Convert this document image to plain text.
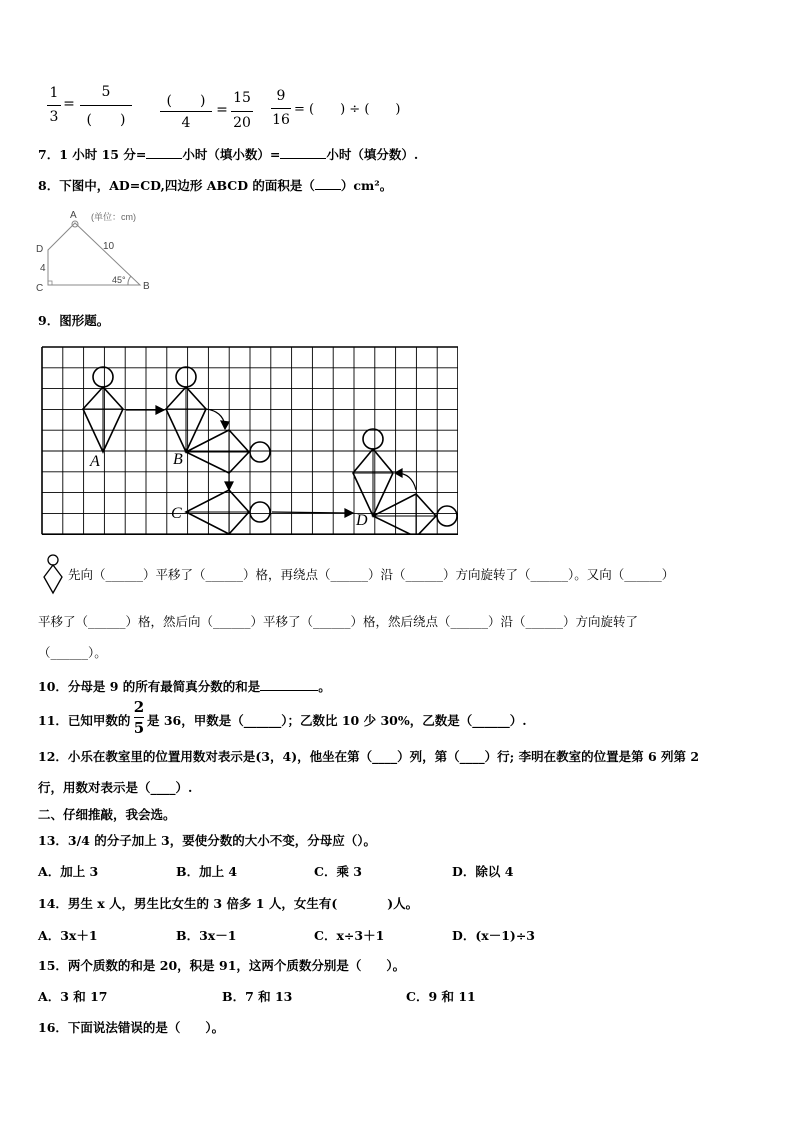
1
3
=
5
(　　)
(　　)
4
=
15
20
9
16
= (　　) ÷ (　　)
7．1 小时 15 分=	小时（填小数）=	小时（填分数）.
8．下图中，AD=CD,四边形 ABCD 的面积是（ ）cm²。
A (单位：cm)
D
C	B
10
4
45°
9．图形题。
A	B
C	D
先向（______）平移了（______）格，再绕点（______）沿（______）方向旋转了（______）。又向（______）
平移了（______）格，然后向（______）平移了（______）格，然后绕点（______）沿（______）方向旋转了
（______）。
10．分母是 9 的所有最简真分数的和是	。
11．已知甲数的
2
5 是 36，甲数是（______）；乙数比 10 少 30%，乙数是（______）.
12．小乐在教室里的位置用数对表示是(3，4)，他坐在第（____）列，第（____）行; 李明在教室的位置是第 6 列第 2
行，用数对表示是（____）.
二、仔细推敲，我会选。
13．3/4 的分子加上 3，要使分数的大小不变，分母应（）。
A．加上 3	B．加上 4	C．乘 3	D．除以 4
14．男生 x 人，男生比女生的 3 倍多 1 人，女生有(　　　　)人。
A．3x＋1	B．3x－1	C．x÷3＋1	D．(x－1)÷3
15．两个质数的和是 20，积是 91，这两个质数分别是（　　）。
A．3 和 17	B．7 和 13	C．9 和 11
16．下面说法错误的是（　　）。
